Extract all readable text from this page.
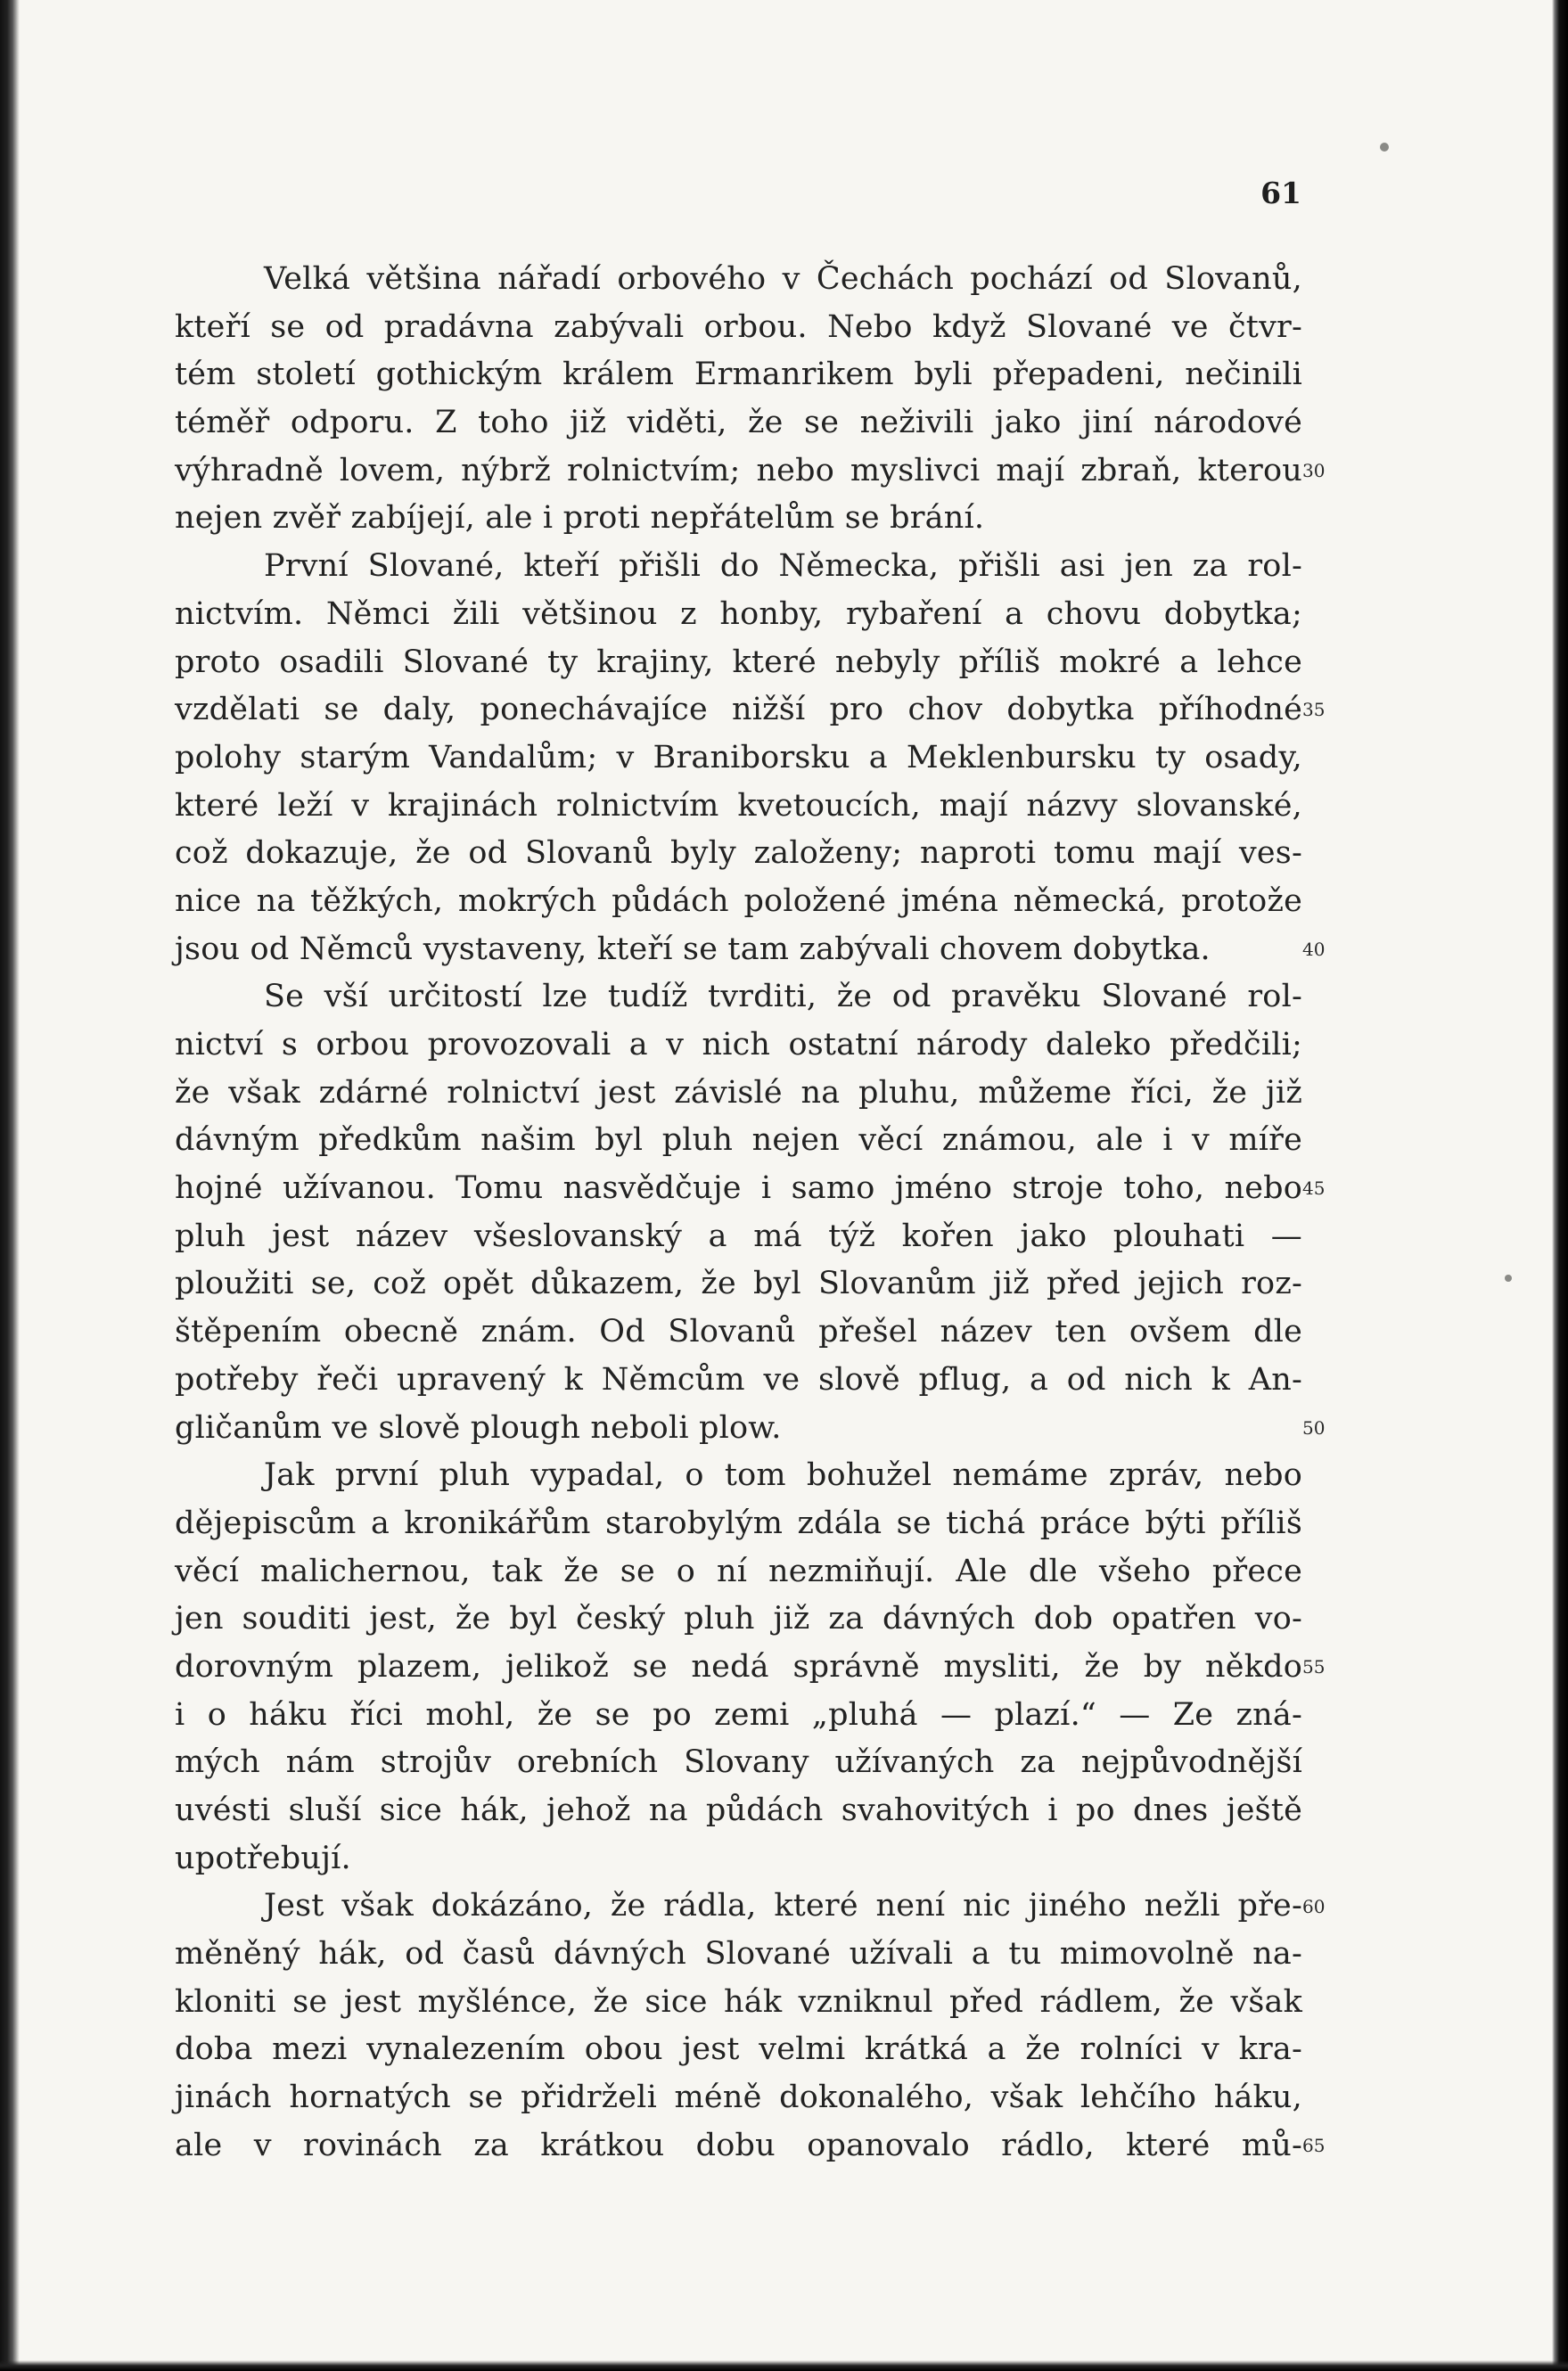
61
Velká většina nářadí orbového v Čechách pochází od Slovanů,
kteří se od pradávna zabývali orbou. Nebo když Slované ve čtvr-
tém století gothickým králem Ermanrikem byli přepadeni, nečinili
téměř odporu. Z toho již viděti, že se neživili jako jiní národové
výhradně lovem, nýbrž rolnictvím; nebo myslivci mají zbraň, kterou
nejen zvěř zabíjejí, ale i proti nepřátelům se brání.
První Slované, kteří přišli do Německa, přišli asi jen za rol-
nictvím. Němci žili většinou z honby, rybaření a chovu dobytka;
proto osadili Slované ty krajiny, které nebyly příliš mokré a lehce
vzdělati se daly, ponechávajíce nižší pro chov dobytka příhodné
polohy starým Vandalům; v Braniborsku a Meklenbursku ty osady,
které leží v krajinách rolnictvím kvetoucích, mají názvy slovanské,
což dokazuje, že od Slovanů byly založeny; naproti tomu mají ves-
nice na těžkých, mokrých půdách položené jména německá, protože
jsou od Němců vystaveny, kteří se tam zabývali chovem dobytka.
Se vší určitostí lze tudíž tvrditi, že od pravěku Slované rol-
nictví s orbou provozovali a v nich ostatní národy daleko předčili;
že však zdárné rolnictví jest závislé na pluhu, můžeme říci, že již
dávným předkům našim byl pluh nejen věcí známou, ale i v míře
hojné užívanou. Tomu nasvědčuje i samo jméno stroje toho, nebo
pluh jest název všeslovanský a má týž kořen jako plouhati —
ploužiti se, což opět důkazem, že byl Slovanům již před jejich roz-
štěpením obecně znám. Od Slovanů přešel název ten ovšem dle
potřeby řeči upravený k Němcům ve slově pflug, a od nich k An-
gličanům ve slově plough neboli plow.
Jak první pluh vypadal, o tom bohužel nemáme zpráv, nebo
dějepiscům a kronikářům starobylým zdála se tichá práce býti příliš
věcí malichernou, tak že se o ní nezmiňují. Ale dle všeho přece
jen souditi jest, že byl český pluh již za dávných dob opatřen vo-
dorovným plazem, jelikož se nedá správně mysliti, že by někdo
i o háku říci mohl, že se po zemi „pluhá — plazí.“ — Ze zná-
mých nám strojův orebních Slovany užívaných za nejpůvodnější
uvésti sluší sice hák, jehož na půdách svahovitých i po dnes ještě
upotřebují.
Jest však dokázáno, že rádla, které není nic jiného nežli pře-
měněný hák, od časů dávných Slované užívali a tu mimovolně na-
kloniti se jest myšlénce, že sice hák vzniknul před rádlem, že však
doba mezi vynalezením obou jest velmi krátká a že rolníci v kra-
jinách hornatých se přidrželi méně dokonalého, však lehčího háku,
ale v rovinách za krátkou dobu opanovalo rádlo, které mů-
30
35
40
45
50
55
60
65
